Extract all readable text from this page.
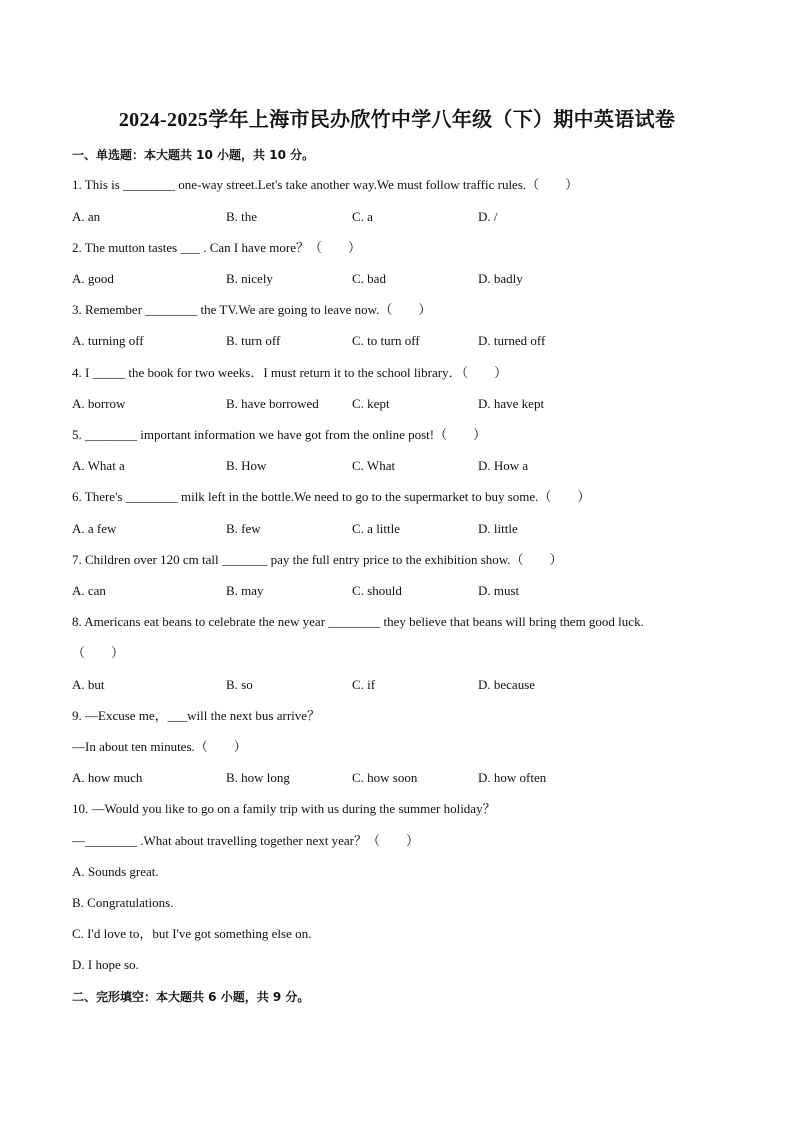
2024-2025学年上海市民办欣竹中学八年级（下）期中英语试卷
一、单选题：本大题共 10 小题，共 10 分。
1. This is ________ one-way street.Let's take another way.We must follow traffic rules.（　　）
A. an	B. the	C. a	D. /
2. The mutton tastes ___ . Can I have more？（　　）
A. good	B. nicely	C. bad	D. badly
3. Remember ________ the TV.We are going to leave now.（　　）
A. turning off	B. turn off	C. to turn off	D. turned off
4. I _____ the book for two weeks．I must return it to the school library．（　　）
A. borrow	B. have borrowed	C. kept	D. have kept
5. ________ important information we have got from the online post!（　　）
A. What a	B. How	C. What	D. How a
6. There's ________ milk left in the bottle.We need to go to the supermarket to buy some.（　　）
A. a few	B. few	C. a little	D. little
7. Children over 120 cm tall _______ pay the full entry price to the exhibition show.（　　）
A. can	B. may	C. should	D. must
8. Americans eat beans to celebrate the new year ________ they believe that beans will bring them good luck.
（　　）
A. but	B. so	C. if	D. because
9. —Excuse me，___will the next bus arrive？
—In about ten minutes.（　　）
A. how much	B. how long	C. how soon	D. how often
10. —Would you like to go on a family trip with us during the summer holiday？
—________ .What about travelling together next year？（　　）
A. Sounds great.
B. Congratulations.
C. I'd love to，but I've got something else on.
D. I hope so.
二、完形填空：本大题共 6 小题，共 9 分。
